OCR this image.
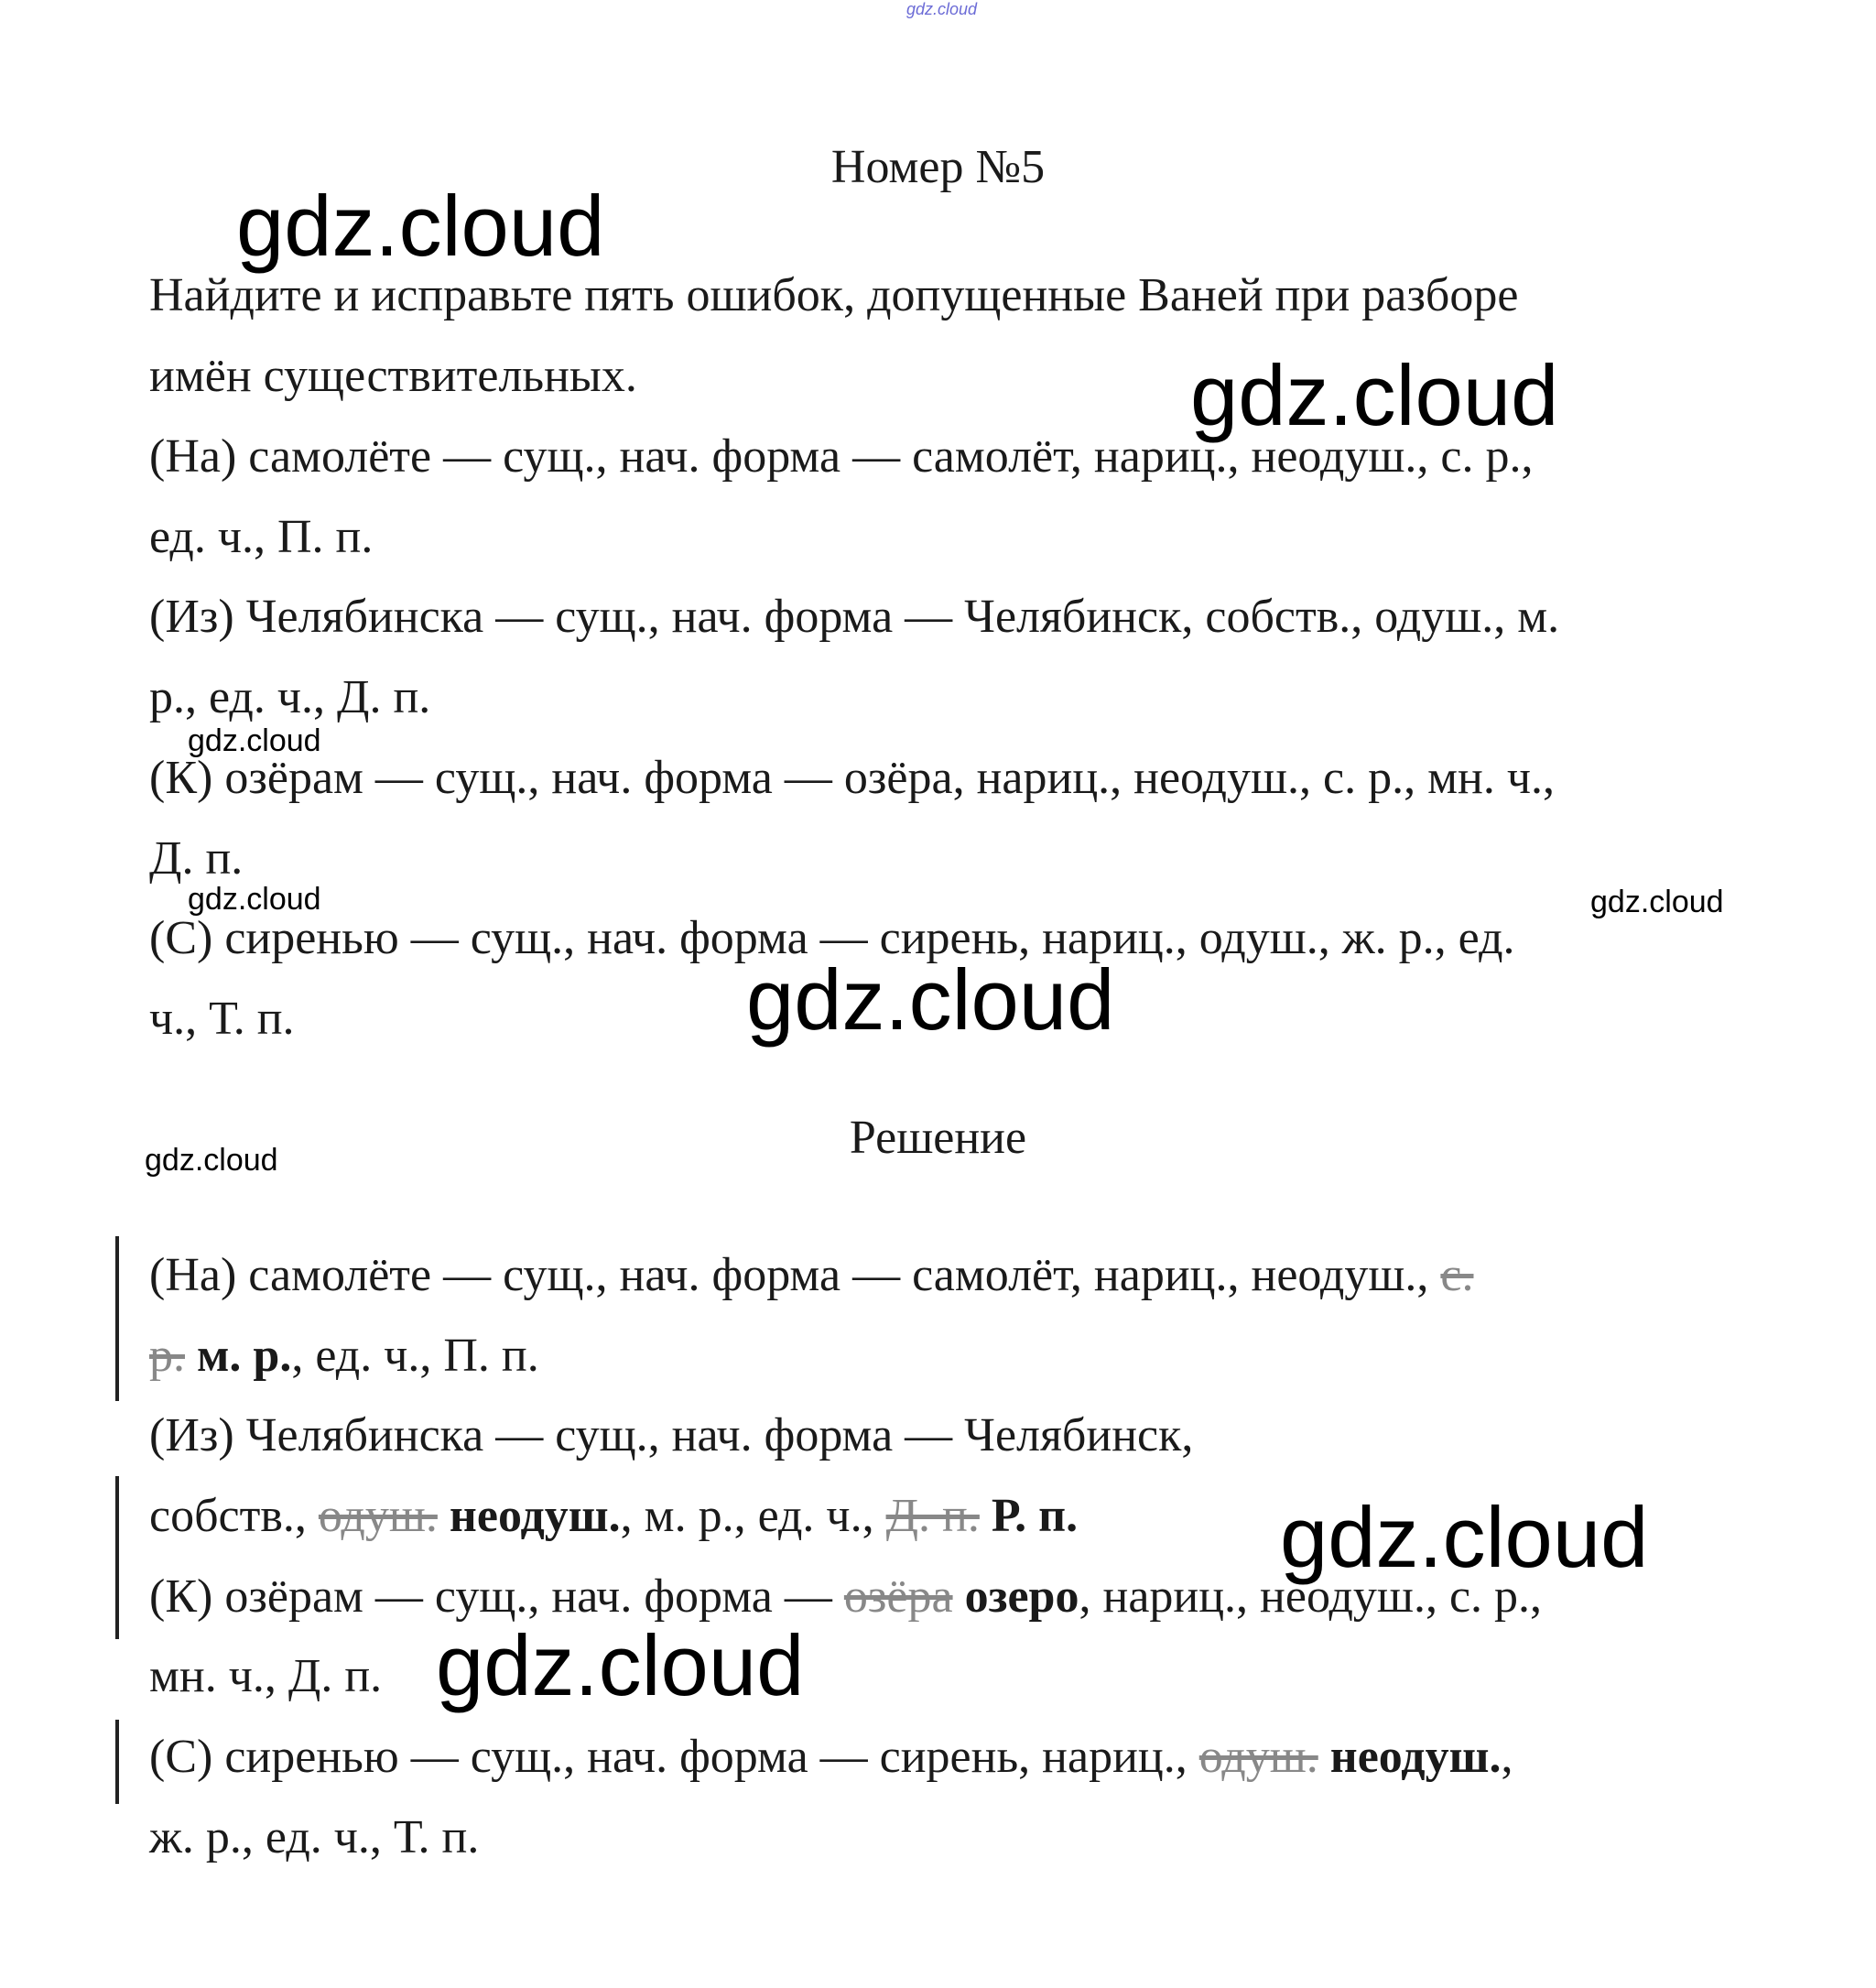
gdz.cloud
Номер №5
Найдите и исправьте пять ошибок, допущенные Ваней при разборе
имён существительных.
(На) самолёте — сущ., нач. форма — самолёт, нариц., неодуш., с. р.,
ед. ч., П. п.
(Из) Челябинска — сущ., нач. форма — Челябинск, собств., одуш., м.
р., ед. ч., Д. п.
(К) озёрам — сущ., нач. форма — озёра, нариц., неодуш., с. р., мн. ч.,
Д. п.
(С) сиренью — сущ., нач. форма — сирень, нариц., одуш., ж. р., ед.
ч., Т. п.
Решение
(На) самолёте — сущ., нач. форма — самолёт, нариц., неодуш., с.
р. м. р., ед. ч., П. п.
(Из) Челябинска — сущ., нач. форма — Челябинск,
собств., одуш. неодуш., м. р., ед. ч., Д. п. Р. п.
(К) озёрам — сущ., нач. форма — озёра озеро, нариц., неодуш., с. р.,
мн. ч., Д. п.
(С) сиренью — сущ., нач. форма — сирень, нариц., одуш. неодуш.,
ж. р., ед. ч., Т. п.
gdz.cloud
gdz.cloud
gdz.cloud
gdz.cloud	gdz.cloud
gdz.cloud
gdz.cloud
gdz.cloud
gdz.cloud
